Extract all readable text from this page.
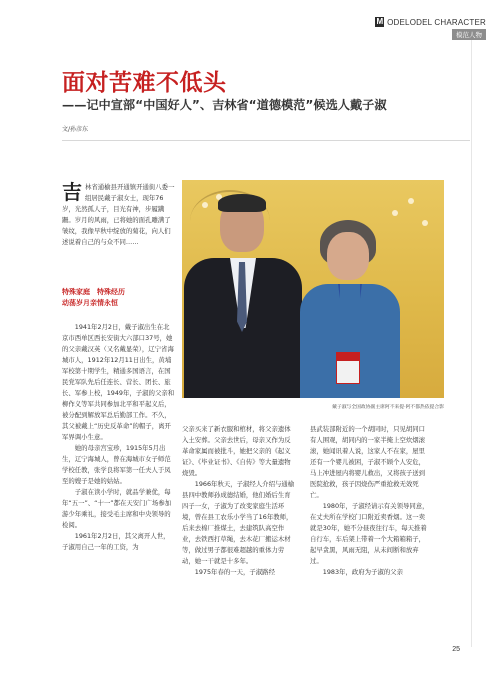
M ODELODEL CHARACTER
模范人物
面对苦难不低头
——记中宣部“中国好人”、吉林省“道德模范”候选人戴子淑
文/孙彦东
吉林省通榆县开通镇开通街八委一组居民戴子淑女士，现年76岁，光然孤人子，目光有神，步履蹒跚。岁月的风雨，已将她的面孔雕满了皱纹，我像早秋中绽放的菊花，向人们述说着自己的与众不同……
特殊家庭　特殊经历
动荡岁月亲情永恒
戴子淑与全国政协副主席阿不来提·阿不都热依提合影

1941年2月2日，戴子淑出生在北京市西单区西长安街大六部口37号，她的父亲戴汉英（又名戴显荣），辽宁省海城市人，1912年12月11日出生，黄埔军校第十期学生，精通多国语言，在国民党军队先后任连长、营长、团长、旅长、军参上校，1949年，子淑的父亲和柳作义等军共同参加北平和平起义后，被分配到解放军总后勤部工作。不久，其父被戴上“历史反革命”的帽子，离开军界调小生意。

她的母亲宫宝珍，1915年5月出生，辽宁海城人，曾在海城市女子师范学校任教，张学良将军第一任夫人于凤至的嫂子是她的姑姑。

子淑在读小学时，就品学兼优，每年“五一”、“十一”都在天安门广场参加游少年乘礼，接受毛主席和中央领导的检阅。

1961年2月2日，其父离开人世，子淑用自己一年的工资，为

父亲买来了新衣服和棺材，将父亲遗体入土安葬。父亲去世后，母亲又作为反革命家属而被批斗，她把父亲的《起义证》、《毕业证书》、《自传》等大量遗物烧毁。

1966年秋天，子淑经人介绍与通榆县四中教师孙成德结婚，他们婚后生育四子一女，子淑为了改变家庭生活环境，曾在县工农乐小学当了16年教师，后来去棉厂推煤土，去建筑队高空作业，去铁西打草绳，去木花厂搬运木材等，做过男子都很难超越的重体力劳动，她一干就是十多年。

1975年春的一天，子淑路经

县武装部附近的一个胡同时，只见胡同口有人围观，胡同内的一家半掩上空炊烟滚滚，她闻讯着人说，这家人不在家，屋里还有一个婴儿被困，子淑不顾个人安危，马上冲进屋内将婴儿救出，又将孩子送到医院抢救，孩子因烧伤严重抢救无效死亡。

1980年，子淑经请示有关领导同意，在丈夫所在学校门口附近卖香烟。这一卖就是30年，她不分昼夜往行车，每天推着自行车，车后架上带着一个大箱箱箱子，起早贪黑，风雨无阻，从未间断和放弃过。

1983年，政府为子淑的父亲

25
